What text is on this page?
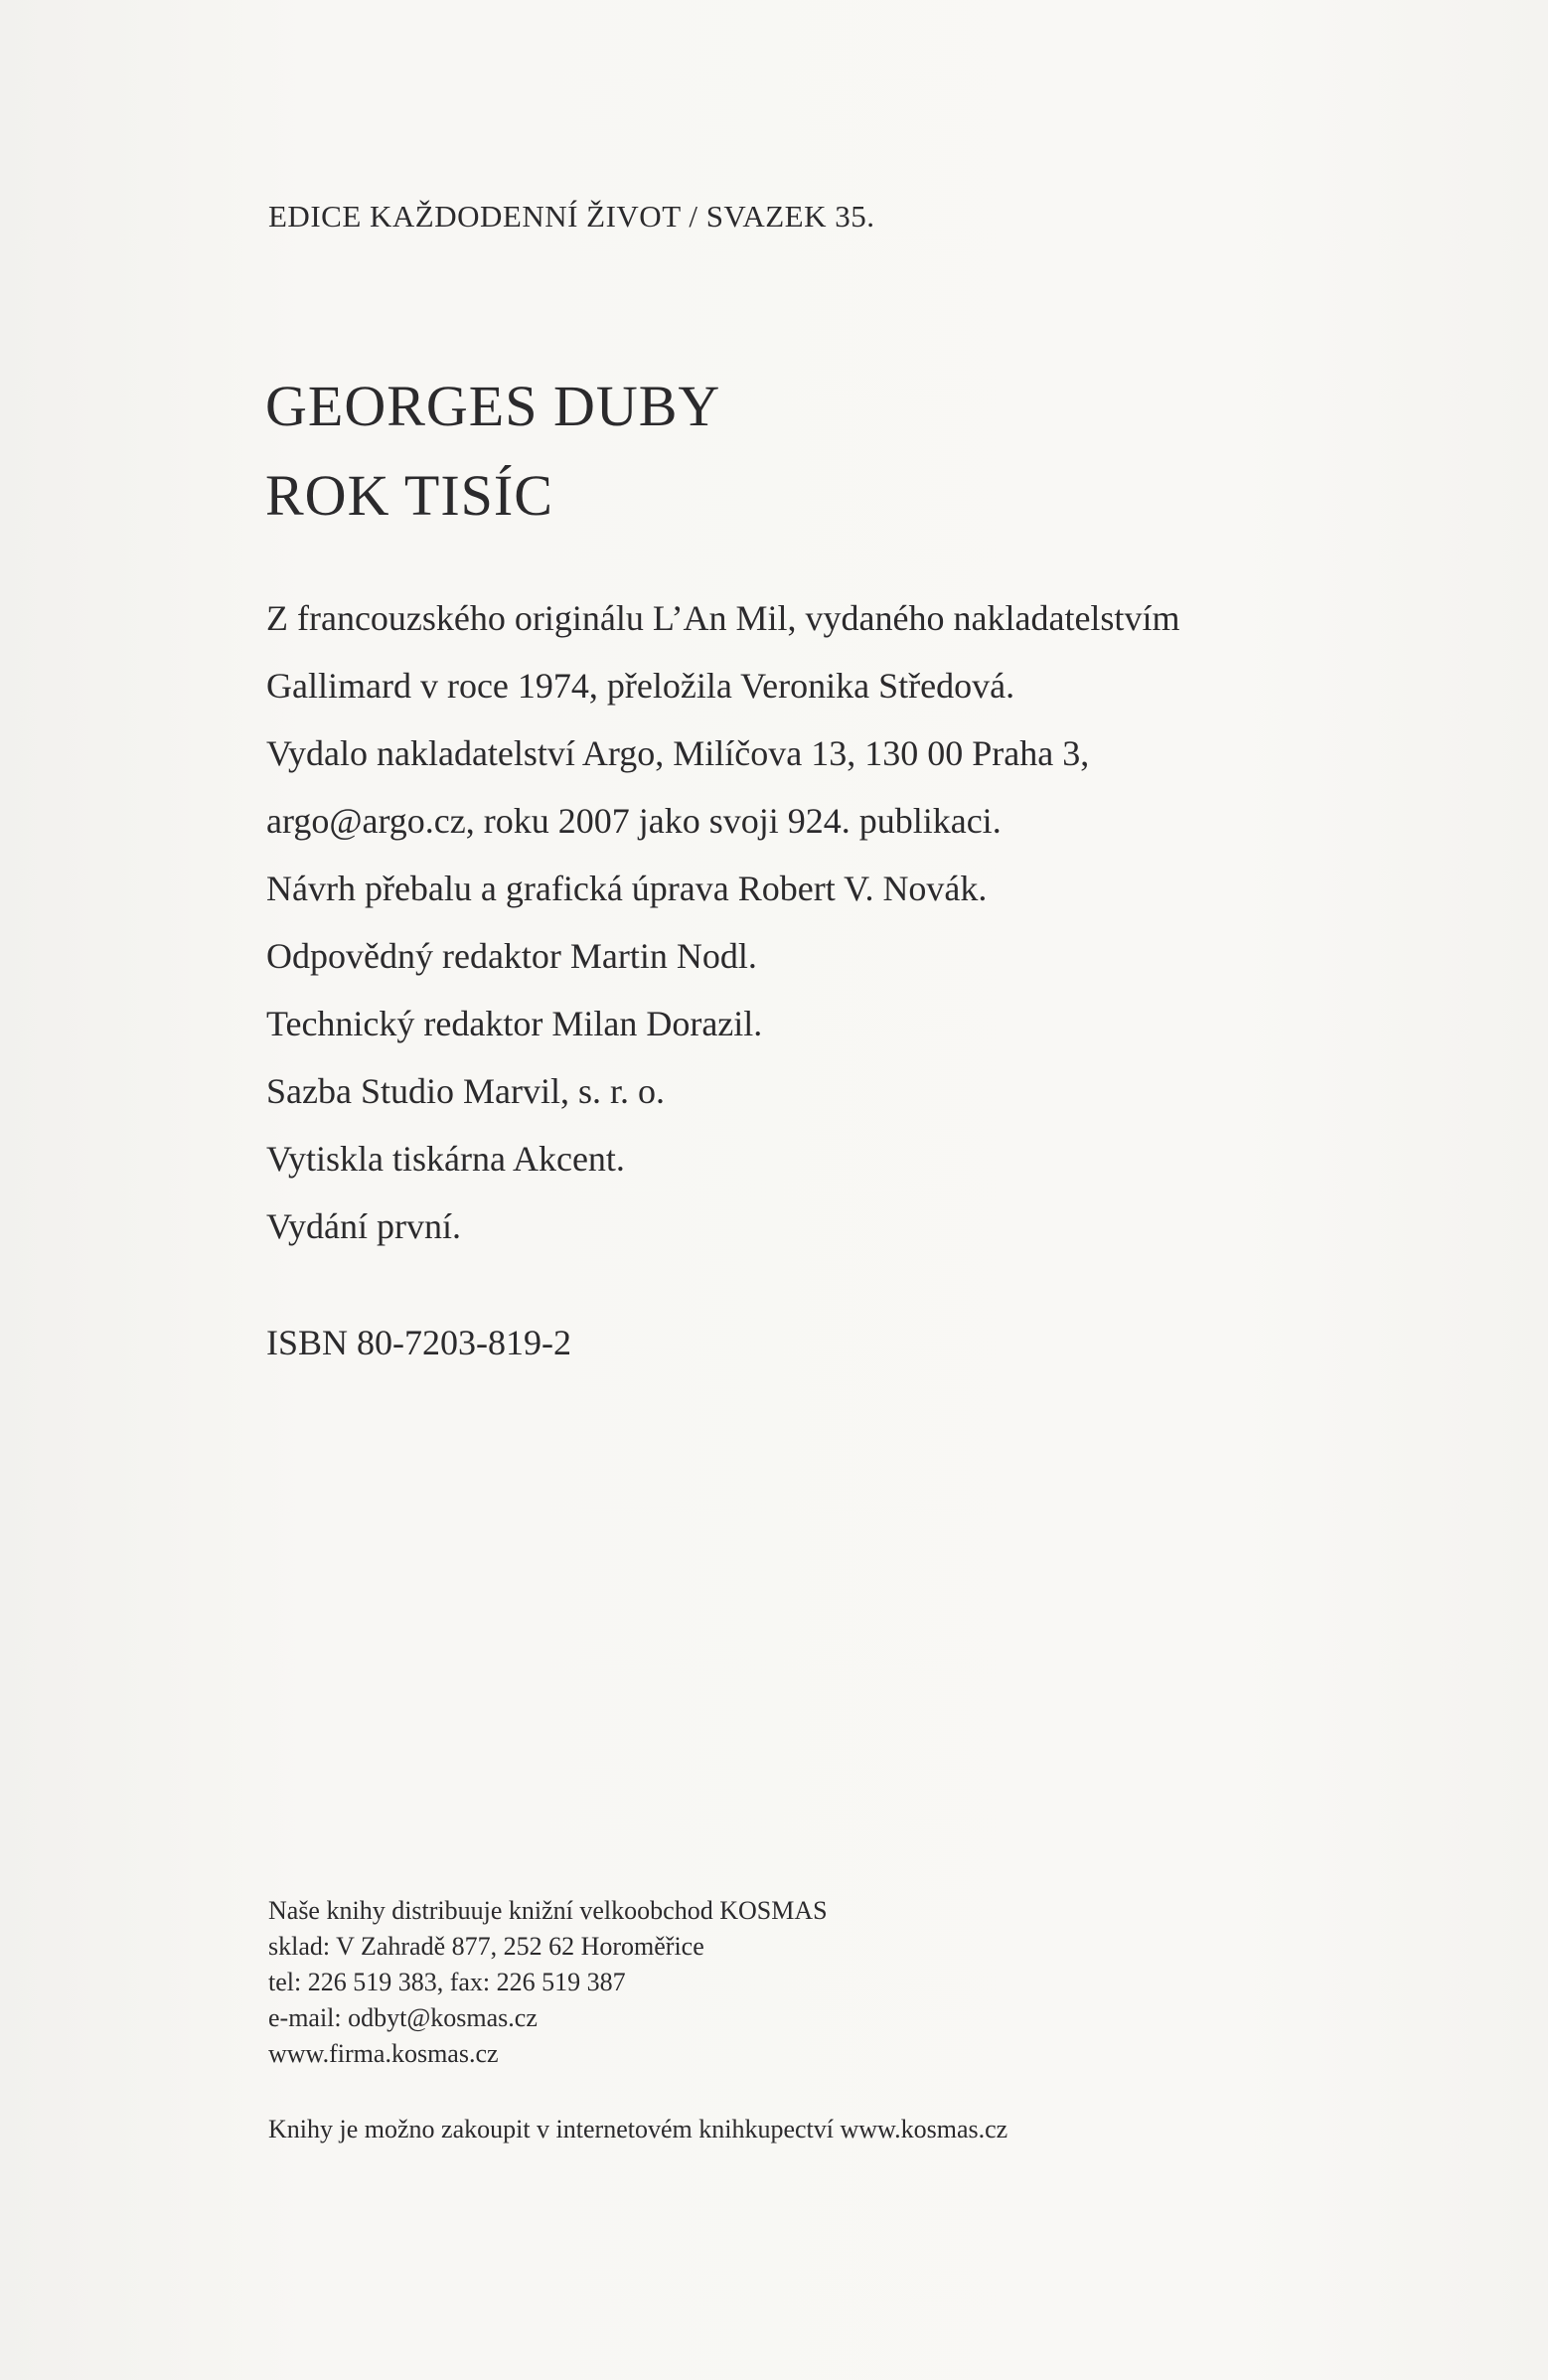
EDICE KAŽDODENNÍ ŽIVOT / SVAZEK 35.
GEORGES DUBY
ROK TISÍC
Z francouzského originálu L’An Mil, vydaného nakladatelstvím
Gallimard v roce 1974, přeložila Veronika Středová.
Vydalo nakladatelství Argo, Milíčova 13, 130 00 Praha 3,
argo@argo.cz, roku 2007 jako svoji 924. publikaci.
Návrh přebalu a grafická úprava Robert V. Novák.
Odpovědný redaktor Martin Nodl.
Technický redaktor Milan Dorazil.
Sazba Studio Marvil, s. r. o.
Vytiskla tiskárna Akcent.
Vydání první.
ISBN 80-7203-819-2
Naše knihy distribuuje knižní velkoobchod KOSMAS
sklad: V Zahradě 877, 252 62 Horoměřice
tel: 226 519 383, fax: 226 519 387
e-mail: odbyt@kosmas.cz
www.firma.kosmas.cz
Knihy je možno zakoupit v internetovém knihkupectví www.kosmas.cz
